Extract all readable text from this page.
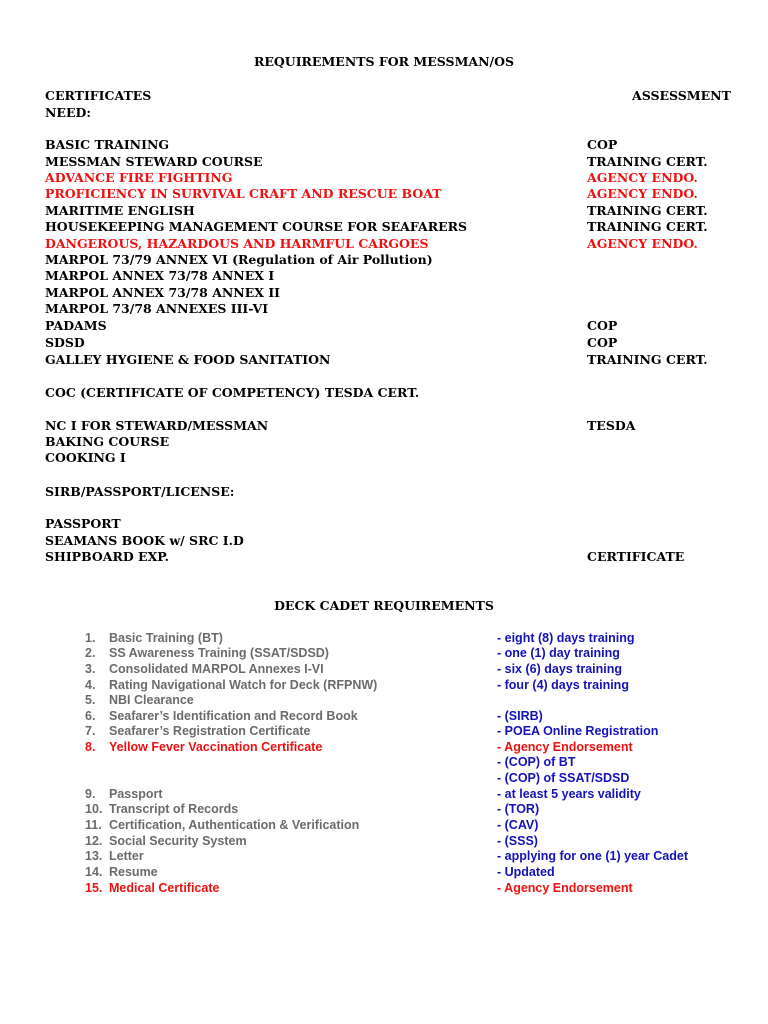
REQUIREMENTS FOR MESSMAN/OS
CERTIFICATES	ASSESSMENT
NEED:
BASIC TRAINING	COP
MESSMAN STEWARD COURSE	TRAINING CERT.
ADVANCE FIRE FIGHTING	AGENCY ENDO.
PROFICIENCY IN SURVIVAL CRAFT AND RESCUE BOAT	AGENCY ENDO.
MARITIME ENGLISH	TRAINING CERT.
HOUSEKEEPING MANAGEMENT COURSE FOR SEAFARERS	TRAINING CERT.
DANGEROUS, HAZARDOUS AND HARMFUL CARGOES	AGENCY ENDO.
MARPOL 73/79 ANNEX VI (Regulation of Air Pollution)
MARPOL ANNEX 73/78 ANNEX I
MARPOL ANNEX 73/78 ANNEX II
MARPOL 73/78 ANNEXES III-VI
PADAMS	COP
SDSD	COP
GALLEY HYGIENE & FOOD SANITATION	TRAINING CERT.
COC (CERTIFICATE OF COMPETENCY) TESDA CERT.
NC I FOR STEWARD/MESSMAN	TESDA
BAKING COURSE
COOKING I
SIRB/PASSPORT/LICENSE:
PASSPORT
SEAMANS BOOK w/ SRC I.D
SHIPBOARD EXP.	CERTIFICATE
DECK CADET REQUIREMENTS
1. Basic Training (BT)	- eight (8) days training
2. SS Awareness Training (SSAT/SDSD)	- one (1) day training
3. Consolidated MARPOL Annexes I-VI	- six (6) days training
4. Rating Navigational Watch for Deck (RFPNW)	- four (4) days training
5. NBI Clearance
6. Seafarer’s Identification and Record Book	- (SIRB)
7. Seafarer’s Registration Certificate	- POEA Online Registration
8. Yellow Fever Vaccination Certificate	- Agency Endorsement
- (COP) of BT
- (COP) of SSAT/SDSD
9. Passport	- at least 5 years validity
10. Transcript of Records	- (TOR)
11. Certification, Authentication & Verification	- (CAV)
12. Social Security System	- (SSS)
13. Letter	- applying for one (1) year Cadet
14. Resume	- Updated
15. Medical Certificate	- Agency Endorsement
